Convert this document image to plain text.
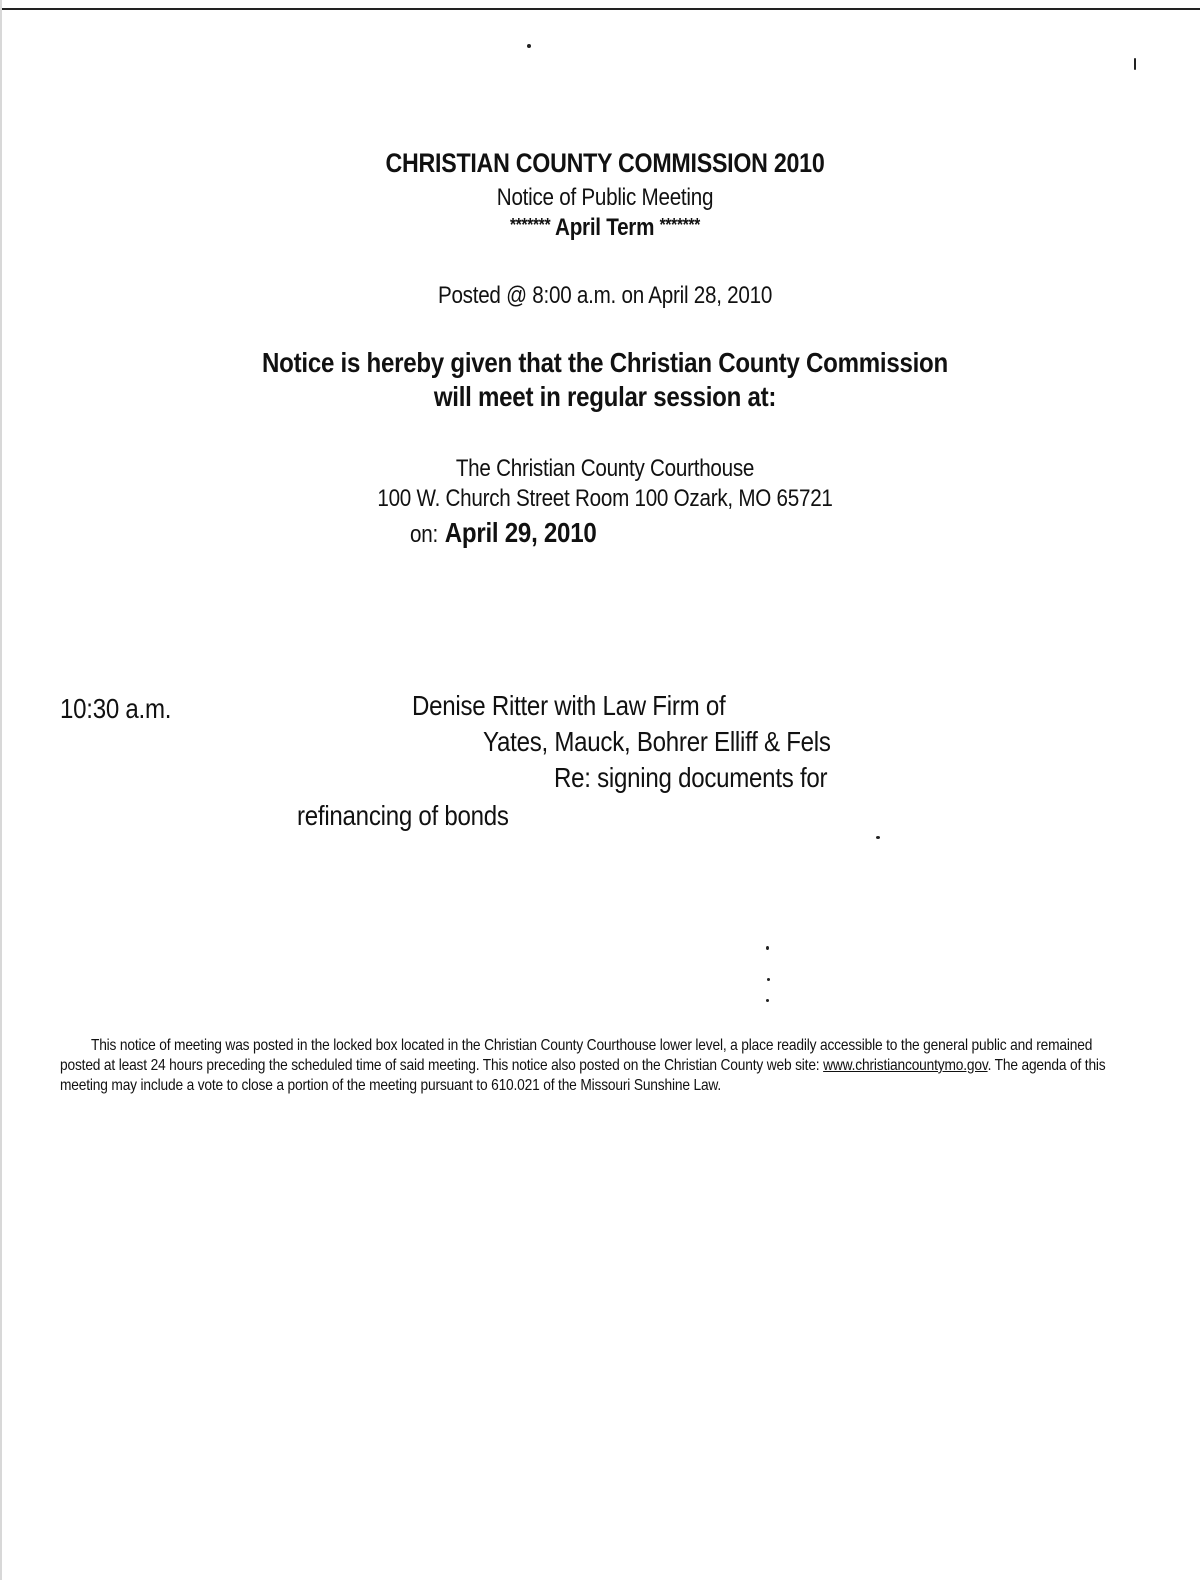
CHRISTIAN COUNTY COMMISSION 2010
Notice of Public Meeting
******* April Term *******
Posted @ 8:00 a.m. on April 28, 2010
Notice is hereby given that the Christian County Commission
will meet in regular session at:
The Christian County Courthouse
100 W. Church Street Room 100 Ozark, MO 65721
on: April 29, 2010
10:30 a.m.	Denise Ritter with Law Firm of
Yates, Mauck, Bohrer Elliff & Fels
Re: signing documents for
refinancing of bonds
This notice of meeting was posted in the locked box located in the Christian County Courthouse lower level, a place readily accessible to the general public and remained posted at least 24 hours preceding the scheduled time of said meeting. This notice also posted on the Christian County web site: www.christiancountymo.gov. The agenda of this meeting may include a vote to close a portion of the meeting pursuant to 610.021 of the Missouri Sunshine Law.
